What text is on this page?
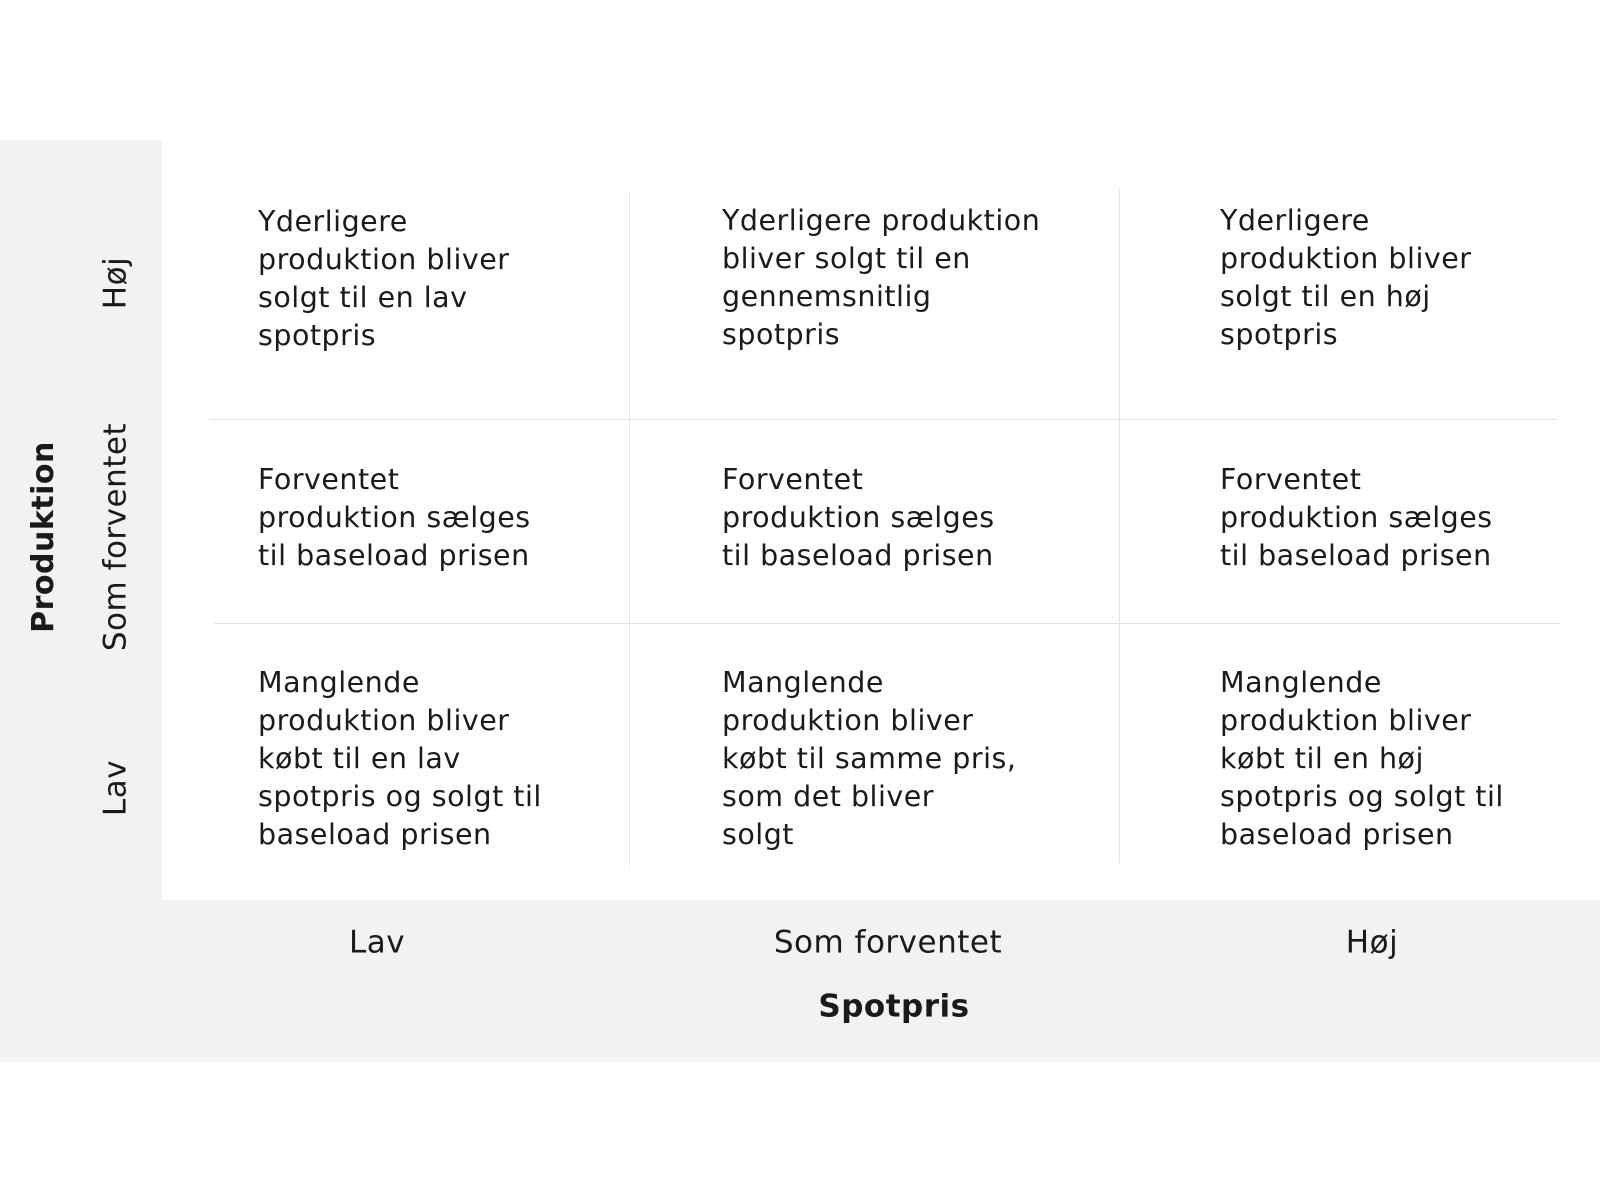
Produktion
Høj
Som forventet
Lav
Lav	Som forventet	Høj
Spotpris

Yderligere
produktion bliver
solgt til en lav
spotpris

Yderligere produktion
bliver solgt til en
gennemsnitlig
spotpris

Yderligere
produktion bliver
solgt til en høj
spotpris

Forventet
produktion sælges
til baseload prisen

Forventet
produktion sælges
til baseload prisen

Forventet
produktion sælges
til baseload prisen

Manglende
produktion bliver
købt til en lav
spotpris og solgt til
baseload prisen

Manglende
produktion bliver
købt til samme pris,
som det bliver
solgt

Manglende
produktion bliver
købt til en høj
spotpris og solgt til
baseload prisen
